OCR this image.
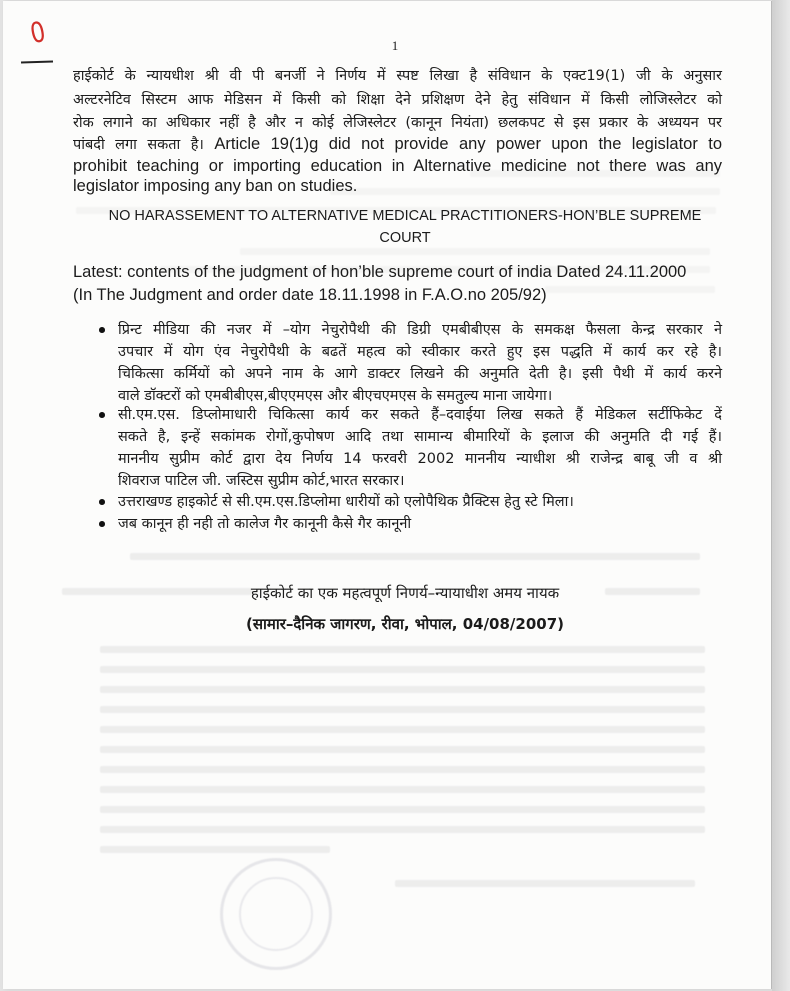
0	1
हाईकोर्ट के न्यायधीश श्री वी पी बनर्जी ने निर्णय में स्पष्ट लिखा है संविधान के एक्ट19(1) जी के अनुसार
अल्टरनेटिव सिस्टम आफ मेडिसन में किसी को शिक्षा देने प्रशिक्षण देने हेतु संविधान में किसी लोजिस्लेटर को
रोक लगाने का अधिकार नहीं है और न कोई लेजिस्लेटर (कानून नियंता) छलकपट से इस प्रकार के अध्ययन पर
पांबदी लगा सकता है। Article 19(1)g did not provide any power upon the legislator to
prohibit teaching or importing education in Alternative medicine not there was any
legislator imposing any ban on studies.
NO HARASSEMENT TO ALTERNATIVE MEDICAL PRACTITIONERS-HON’BLE SUPREME
COURT
Latest: contents of the judgment of hon’ble supreme court of india Dated 24.11.2000
(In The Judgment and order date 18.11.1998 in F.A.O.no 205/92)
प्रिन्ट मीडिया की नजर में –योग नेचुरोपैथी की डिग्री एमबीबीएस के समकक्ष फैसला केन्द्र सरकार ने
उपचार में योग एंव नेचुरोपैथी के बढतें महत्व को स्वीकार करते हुए इस पद्धति में कार्य कर रहे है।
चिकित्सा कर्मियों को अपने नाम के आगे डाक्टर लिखने की अनुमति देती है। इसी पैथी में कार्य करने
वाले डॉक्टरों को एमबीबीएस,बीएएमएस और बीएचएमएस के समतुल्य माना जायेगा।
सी.एम.एस. डिप्लोमाधारी चिकित्सा कार्य कर सकते हैं–दवाईया लिख सकते हैं मेडिकल सर्टीफिकेट दें
सकते है, इन्हें सकांमक रोगों,कुपोषण आदि तथा सामान्य बीमारियों के इलाज की अनुमति दी गई हैं।
माननीय सुप्रीम कोर्ट द्वारा देय निर्णय 14 फरवरी 2002 माननीय न्याधीश श्री राजेन्द्र बाबू जी व श्री
शिवराज पाटिल जी. जस्टिस सुप्रीम कोर्ट,भारत सरकार।
उत्तराखण्ड हाइकोर्ट से सी.एम.एस.डिप्लोमा धारीयों को एलोपैथिक प्रैक्टिस हेतु स्टे मिला।
जब कानून ही नही तो कालेज गैर कानूनी कैसे गैर कानूनी
हाईकोर्ट का एक महत्वपूर्ण निणर्य–न्यायाधीश अमय नायक
(सामार–दैनिक जागरण, रीवा, भोपाल, 04/08/2007)
